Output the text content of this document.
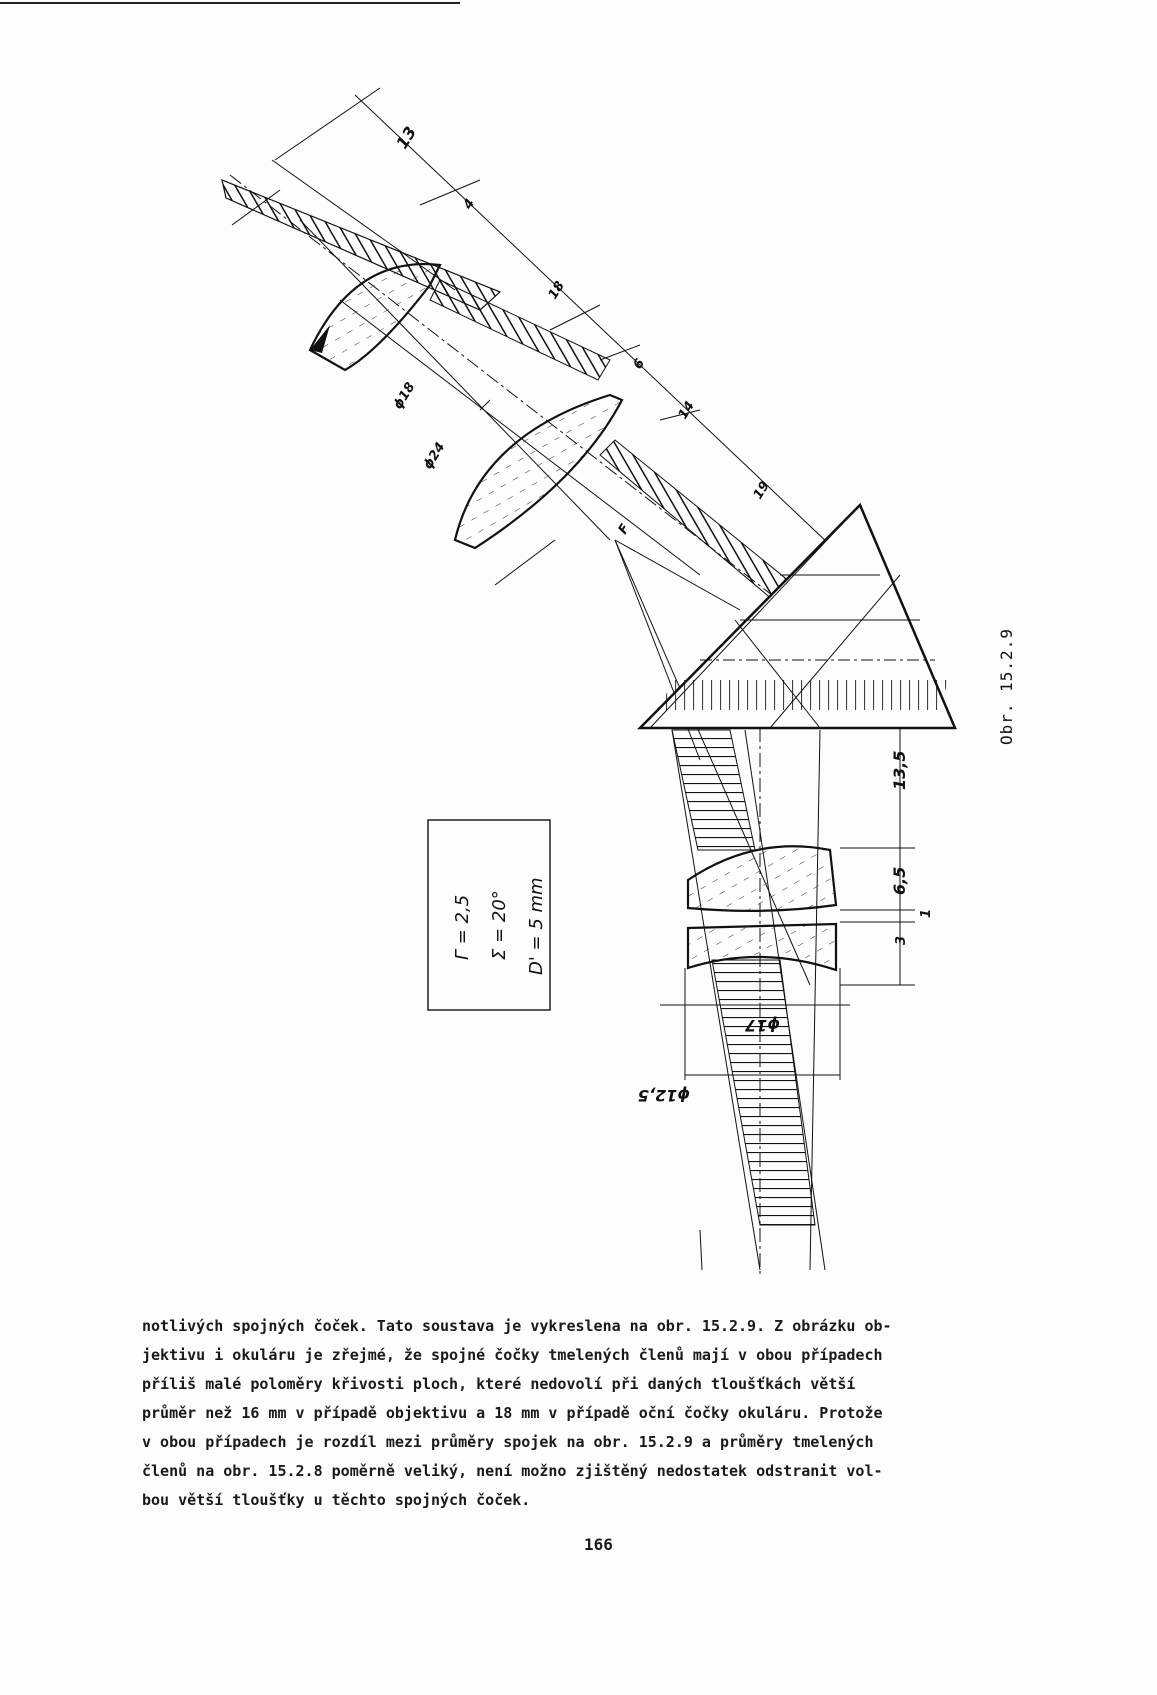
13
4
18
6
14
19
ϕ18
ϕ24
F
13,5
6,5
3
1
ϕ17
ϕ12,5
Γ = 2,5 Σ = 20° D' = 5 mm
Obr. 15.2.9
notlivých spojných čoček. Tato soustava je vykreslena na obr. 15.2.9. Z obrázku ob-
jektivu i okuláru je zřejmé, že spojné čočky tmelených členů mají v obou případech
příliš malé poloměry křivosti ploch, které nedovolí při daných tloušťkách větší
průměr než 16 mm v případě objektivu a 18 mm v případě oční čočky okuláru. Protože
v obou případech je rozdíl mezi průměry spojek na obr. 15.2.9 a průměry tmelených
členů na obr. 15.2.8 poměrně veliký, není možno zjištěný nedostatek odstranit vol-
bou větší tloušťky u těchto spojných čoček.
166
